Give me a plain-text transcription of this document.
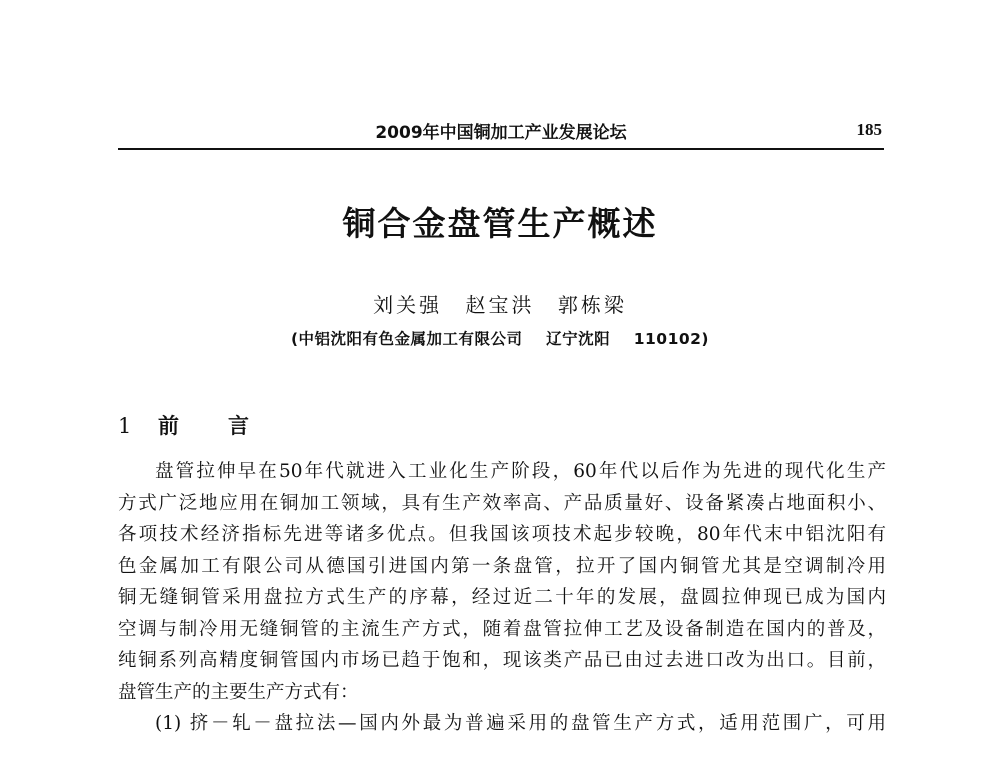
2009年中国铜加工产业发展论坛	185
铜合金盘管生产概述
刘关强 赵宝洪 郭栋梁
(中铝沈阳有色金属加工有限公司    辽宁沈阳    110102)
1 前 言
盘管拉伸早在50年代就进入工业化生产阶段，60年代以后作为先进的现代化生产
方式广泛地应用在铜加工领域，具有生产效率高、产品质量好、设备紧凑占地面积小、
各项技术经济指标先进等诸多优点。但我国该项技术起步较晚，80年代末中铝沈阳有
色金属加工有限公司从德国引进国内第一条盘管，拉开了国内铜管尤其是空调制冷用
铜无缝铜管采用盘拉方式生产的序幕，经过近二十年的发展，盘圆拉伸现已成为国内
空调与制冷用无缝铜管的主流生产方式，随着盘管拉伸工艺及设备制造在国内的普及，
纯铜系列高精度铜管国内市场已趋于饱和，现该类产品已由过去进口改为出口。目前，
盘管生产的主要生产方式有：
(1) 挤－轧－盘拉法—国内外最为普遍采用的盘管生产方式，适用范围广，可用
